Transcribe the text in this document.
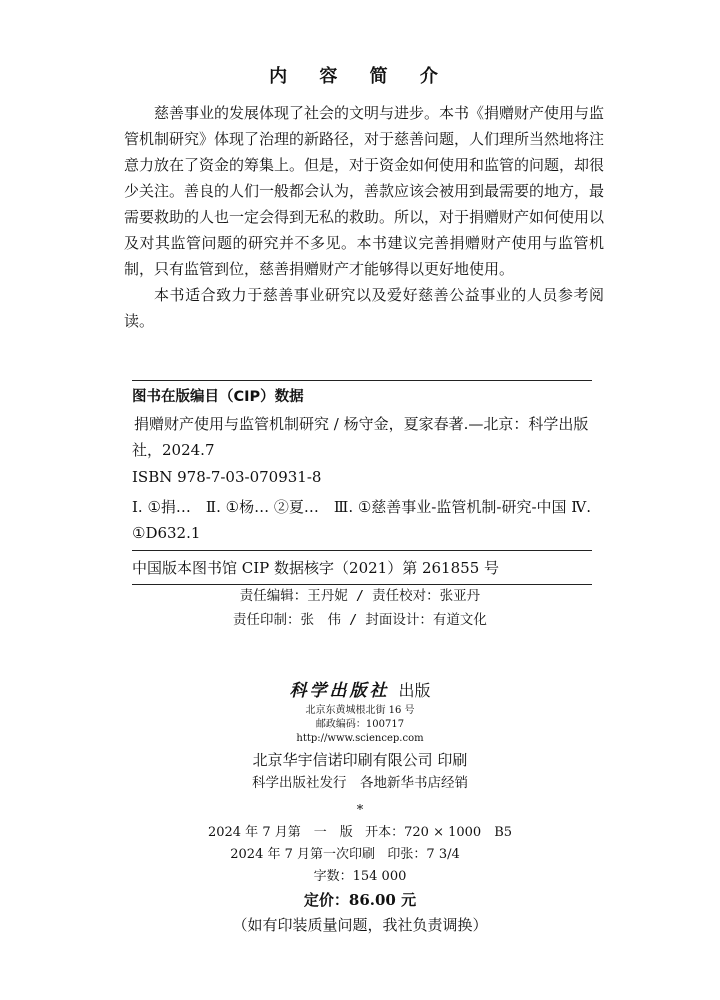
内 容 简 介

慈善事业的发展体现了社会的文明与进步。本书《捐赠财产使用与监管机制研究》体现了治理的新路径，对于慈善问题，人们理所当然地将注意力放在了资金的筹集上。但是，对于资金如何使用和监管的问题，却很少关注。善良的人们一般都会认为，善款应该会被用到最需要的地方，最需要救助的人也一定会得到无私的救助。所以，对于捐赠财产如何使用以及对其监管问题的研究并不多见。本书建议完善捐赠财产使用与监管机制，只有监管到位，慈善捐赠财产才能够得以更好地使用。

本书适合致力于慈善事业研究以及爱好慈善公益事业的人员参考阅读。

图书在版编目（CIP）数据
捐赠财产使用与监管机制研究 / 杨守金，夏家春著.—北京：科学出版社，2024.7
ISBN 978-7-03-070931-8
Ⅰ. ①捐…　Ⅱ. ①杨… ②夏…　Ⅲ. ①慈善事业-监管机制-研究-中国 Ⅳ. ①D632.1
中国版本图书馆 CIP 数据核字（2021）第 261855 号
责任编辑：王丹妮 / 责任校对：张亚丹
责任印制：张　伟 / 封面设计：有道文化
科学出版社 出版
北京东黄城根北街 16 号
邮政编码：100717
http://www.sciencep.com
北京华宇信诺印刷有限公司 印刷
科学出版社发行　各地新华书店经销
*
2024 年 7 月第　一　版 开本：720 × 1000　B5
2024 年 7 月第一次印刷 印张：7 3/4
字数：154 000
定价：86.00 元
（如有印装质量问题，我社负责调换）
